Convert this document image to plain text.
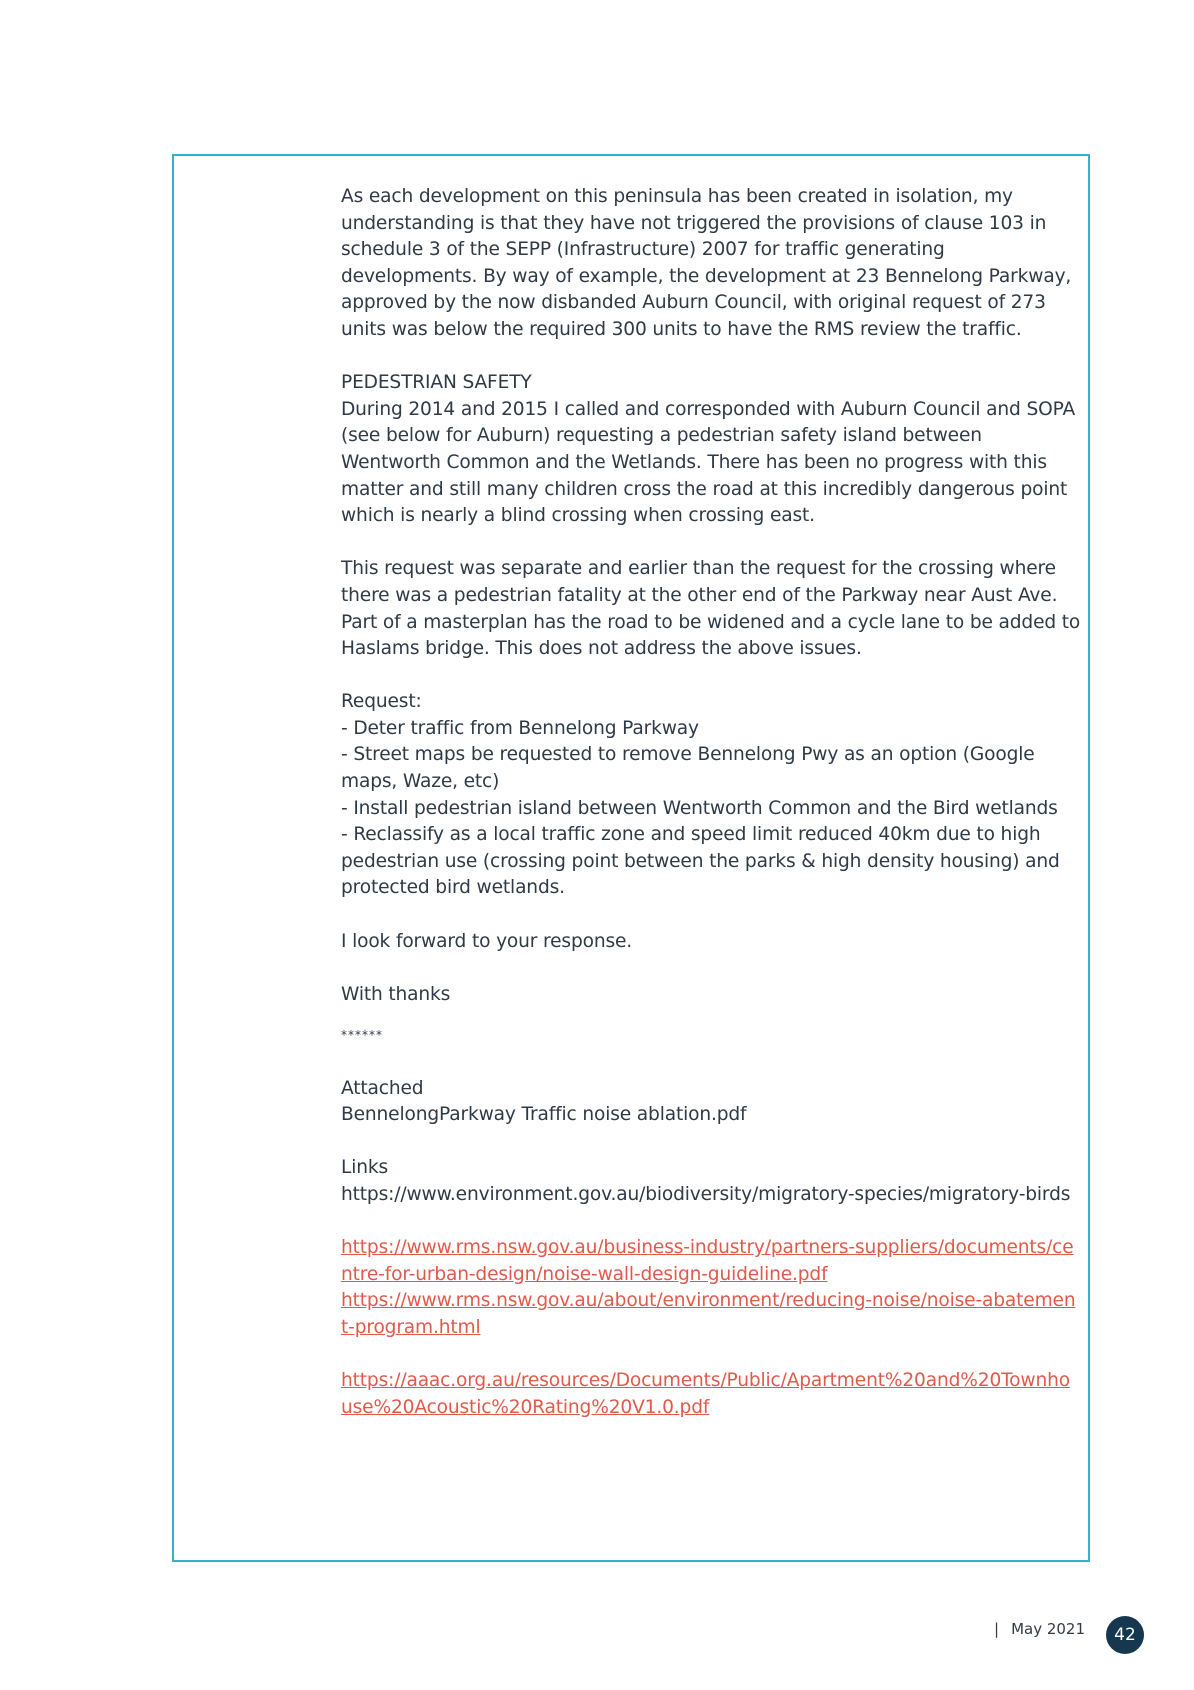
As each development on this peninsula has been created in isolation, my understanding is that they have not triggered the provisions of clause 103 in schedule 3 of the SEPP (Infrastructure) 2007 for traffic generating developments. By way of example, the development at 23 Bennelong Parkway, approved by the now disbanded Auburn Council, with original request of 273 units was below the required 300 units to have the RMS review the traffic.

PEDESTRIAN SAFETY

During 2014 and 2015 I called and corresponded with Auburn Council and SOPA (see below for Auburn) requesting a pedestrian safety island between Wentworth Common and the Wetlands. There has been no progress with this matter and still many children cross the road at this incredibly dangerous point which is nearly a blind crossing when crossing east.

This request was separate and earlier than the request for the crossing where there was a pedestrian fatality at the other end of the Parkway near Aust Ave. Part of a masterplan has the road to be widened and a cycle lane to be added to Haslams bridge. This does not address the above issues.

Request:
- Deter traffic from Bennelong Parkway
- Street maps be requested to remove Bennelong Pwy as an option (Google maps, Waze, etc)
- Install pedestrian island between Wentworth Common and the Bird wetlands
- Reclassify as a local traffic zone and speed limit reduced 40km due to high pedestrian use (crossing point between the parks & high density housing) and protected bird wetlands.

I look forward to your response.

With thanks

******
Attached
BennelongParkway Traffic noise ablation.pdf
Links
https://www.environment.gov.au/biodiversity/migratory-species/migratory-birds
https://www.rms.nsw.gov.au/business-industry/partners-suppliers/documents/centre-for-urban-design/noise-wall-design-guideline.pdf
https://www.rms.nsw.gov.au/about/environment/reducing-noise/noise-abatement-program.html
https://aaac.org.au/resources/Documents/Public/Apartment%20and%20Townhouse%20Acoustic%20Rating%20V1.0.pdf
| May 2021	42
